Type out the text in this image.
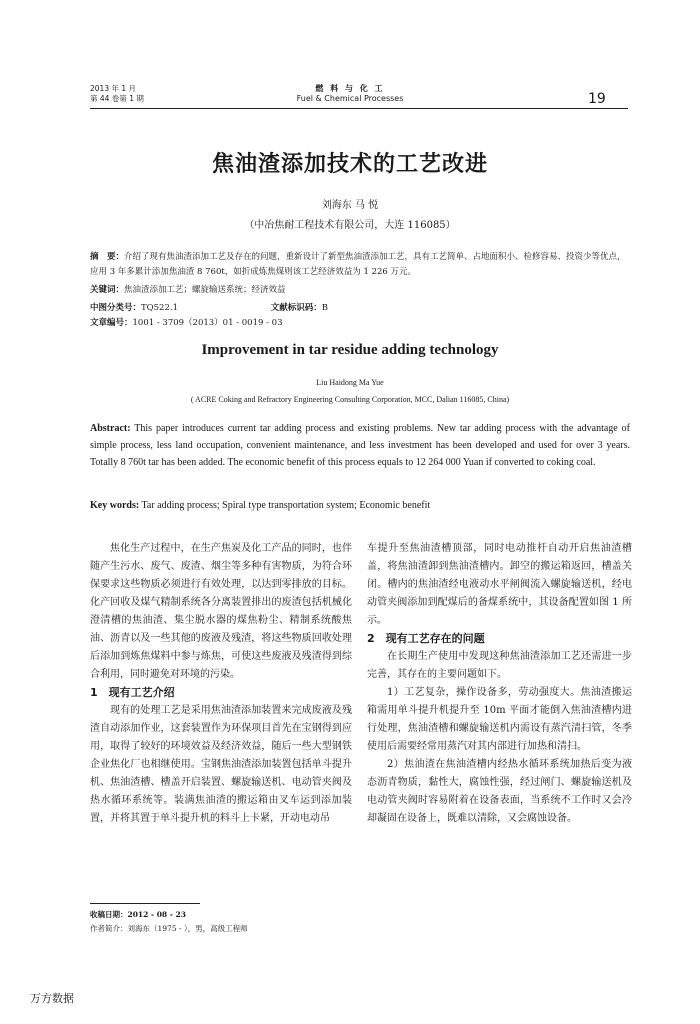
2013 年 1 月
第 44 卷第 1 期
燃 料 与 化 工
Fuel & Chemical Processes	19
焦油渣添加技术的工艺改进
刘海东 马 悦
（中冶焦耐工程技术有限公司，大连 116085）
摘　要：介绍了现有焦油渣添加工艺及存在的问题，重新设计了新型焦油渣添加工艺，具有工艺简单、占地面积小、检修容易、投资少等优点，应用 3 年多累计添加焦油渣 8 760t，如折成炼焦煤则该工艺经济效益为 1 226 万元。
关键词：焦油渣添加工艺；螺旋输送系统；经济效益
中图分类号：TQ522.1	文献标识码：B 文章编号：1001 - 3709（2013）01 - 0019 - 03
Improvement in tar residue adding technology
Liu Haidong Ma Yue
( ACRE Coking and Refractory Engineering Consulting Corporation, MCC, Dalian 116085, China)
Abstract: This paper introduces current tar adding process and existing problems. New tar adding process with the advantage of simple process, less land occupation, convenient maintenance, and less investment has been developed and used for over 3 years. Totally 8 760t tar has been added. The economic benefit of this process equals to 12 264 000 Yuan if converted to coking coal.
Key words: Tar adding process; Spiral type transportation system; Economic benefit

焦化生产过程中，在生产焦炭及化工产品的同时，也伴随产生污水、废气、废渣、烟尘等多种有害物质，为符合环保要求这些物质必须进行有效处理，以达到零排放的目标。化产回收及煤气精制系统各分离装置排出的废渣包括机械化澄清槽的焦油渣、集尘脱水器的煤焦粉尘、精制系统酸焦油、沥青以及一些其他的废液及残渣，将这些物质回收处理后添加到炼焦煤料中参与炼焦，可使这些废液及残渣得到综合利用，同时避免对环境的污染。

1　现有工艺介绍

现有的处理工艺是采用焦油渣添加装置来完成废液及残渣自动添加作业，这套装置作为环保项目首先在宝钢得到应用，取得了较好的环境效益及经济效益，随后一些大型钢铁企业焦化厂也相继使用。宝钢焦油渣添加装置包括单斗提升机、焦油渣槽、槽盖开启装置、螺旋输送机、电动管夹阀及热水循环系统等。装满焦油渣的搬运箱由叉车运到添加装置，并将其置于单斗提升机的料斗上卡紧，开动电动吊

车提升至焦油渣槽顶部，同时电动推杆自动开启焦油渣槽盖，将焦油渣卸到焦油渣槽内。卸空的搬运箱返回，槽盖关闭。槽内的焦油渣经电液动水平闸阀流入螺旋输送机，经电动管夹阀添加到配煤后的备煤系统中，其设备配置如图 1 所示。

2　现有工艺存在的问题

在长期生产使用中发现这种焦油渣添加工艺还需进一步完善，其存在的主要问题如下。

1）工艺复杂，操作设备多，劳动强度大。焦油渣搬运箱需用单斗提升机提升至 10m 平面才能倒入焦油渣槽内进行处理，焦油渣槽和螺旋输送机内需设有蒸汽清扫管，冬季使用后需要经常用蒸汽对其内部进行加热和清扫。

2）焦油渣在焦油渣槽内经热水循环系统加热后变为液态沥青物质，黏性大，腐蚀性强，经过闸门、螺旋输送机及电动管夹阀时容易附着在设备表面，当系统不工作时又会冷却凝固在设备上，既难以清除，又会腐蚀设备。

收稿日期：2012 - 08 - 23
作者简介：刘海东（1975 - ），男，高级工程师
万方数据
